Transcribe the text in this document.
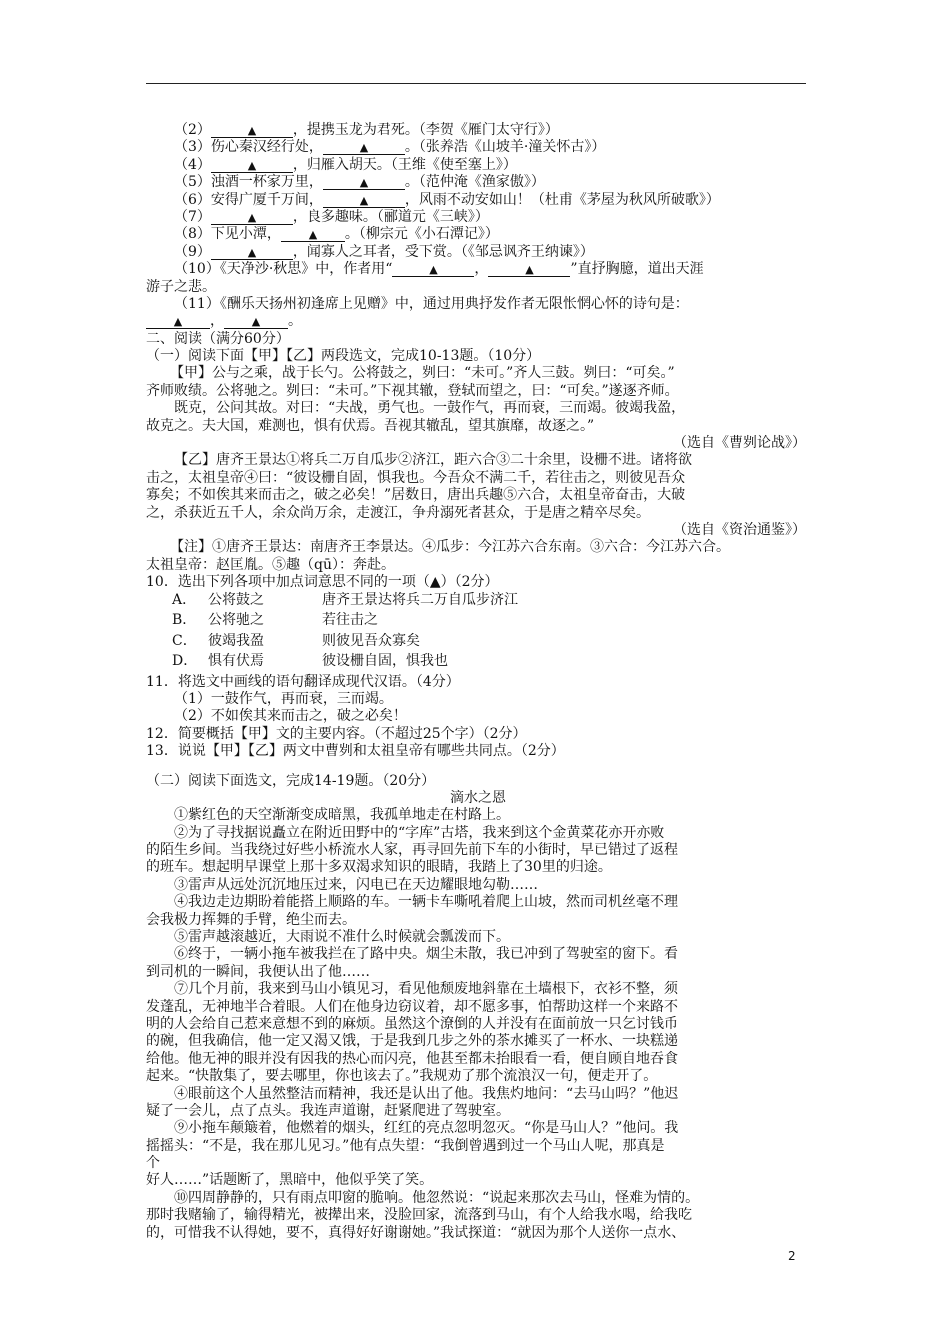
（2）	▲	，提携玉龙为君死。（李贺《雁门太守行》）
（3）伤心秦汉经行处，	▲	。（张养浩《山坡羊·潼关怀古》）
（4）	▲	，归雁入胡天。（王维《使至塞上》）
（5）浊酒一杯家万里，	▲	。（范仲淹《渔家傲》）
（6）安得广厦千万间，	▲	，风雨不动安如山！（杜甫《茅屋为秋风所破歌》）
（7）	▲	，良多趣味。（郦道元《三峡》）
（8）下见小潭，	▲ 。（柳宗元《小石潭记》）
（9）	▲	，闻寡人之耳者，受下赏。（《邹忌讽齐王纳谏》）
（10）《天净沙·秋思》中，作者用“	▲	，	▲	”直抒胸臆，道出天涯
游子之悲。
（11）《酬乐天扬州初逢席上见赠》中，通过用典抒发作者无限怅惘心怀的诗句是：
▲ ，	▲ 。
二、阅读（满分60分）
（一）阅读下面【甲】【乙】两段选文，完成10-13题。（10分）
【甲】公与之乘，战于长勺。公将鼓之，刿曰：“未可。”齐人三鼓。刿曰：“可矣。”
齐师败绩。公将驰之。刿曰：“未可。”下视其辙，登轼而望之，曰：“可矣。”遂逐齐师。
既克，公问其故。对曰：“夫战，勇气也。一鼓作气，再而衰，三而竭。彼竭我盈，
故克之。夫大国，难测也，惧有伏焉。吾视其辙乱，望其旗靡，故逐之。”
（选自《曹刿论战》）
【乙】唐齐王景达①将兵二万自瓜步②济江，距六合③二十余里，设栅不进。诸将欲
击之，太祖皇帝④曰：“彼设栅自固，惧我也。今吾众不满二千，若往击之，则彼见吾众
寡矣；不如俟其来而击之，破之必矣！”居数日，唐出兵趣⑤六合，太祖皇帝奋击，大破
之，杀获近五千人，余众尚万余，走渡江，争舟溺死者甚众，于是唐之精卒尽矣。
（选自《资治通鉴》）
【注】①唐齐王景达：南唐齐王李景达。④瓜步：今江苏六合东南。③六合：今江苏六合。
太祖皇帝：赵匡胤。⑤趣（qū）：奔赴。
10．选出下列各项中加点词意思不同的一项（▲）（2分）
A． 公将鼓之	唐齐王景达将兵二万自瓜步济江
B． 公将驰之	若往击之
C． 彼竭我盈	则彼见吾众寡矣
D． 惧有伏焉	彼设栅自固，惧我也
11．将选文中画线的语句翻译成现代汉语。（4分）
（1）一鼓作气，再而衰，三而竭。
（2）不如俟其来而击之，破之必矣！
12．简要概括【甲】文的主要内容。（不超过25个字）（2分）
13．说说【甲】【乙】两文中曹刿和太祖皇帝有哪些共同点。（2分）
（二）阅读下面选文，完成14-19题。（20分）
滴水之恩
①紫红色的天空渐渐变成暗黑，我孤单地走在村路上。
②为了寻找据说矗立在附近田野中的“字库”古塔，我来到这个金黄菜花亦开亦败
的陌生乡间。当我绕过好些小桥流水人家，再寻回先前下车的小街时，早已错过了返程
的班车。想起明早课堂上那十多双渴求知识的眼睛，我踏上了30里的归途。
③雷声从远处沉沉地压过来，闪电已在天边耀眼地勾勒……
④我边走边期盼着能搭上顺路的车。一辆卡车嘶吼着爬上山坡，然而司机丝毫不理
会我极力挥舞的手臂，绝尘而去。
⑤雷声越滚越近，大雨说不准什么时候就会瓢泼而下。
⑥终于，一辆小拖车被我拦在了路中央。烟尘未散，我已冲到了驾驶室的窗下。看
到司机的一瞬间，我便认出了他……
⑦几个月前，我来到马山小镇见习，看见他颓废地斜靠在土墙根下，衣衫不整，须
发蓬乱，无神地半合着眼。人们在他身边窃议着，却不愿多事，怕帮助这样一个来路不
明的人会给自己惹来意想不到的麻烦。虽然这个潦倒的人并没有在面前放一只乞讨钱币
的碗，但我确信，他一定又渴又饿，于是我到几步之外的茶水摊买了一杯水、一块糕递
给他。他无神的眼并没有因我的热心而闪亮，他甚至都未抬眼看一看，便自顾自地吞食
起来。“快散集了，要去哪里，你也该去了。”我规劝了那个流浪汉一句，便走开了。
④眼前这个人虽然整洁而精神，我还是认出了他。我焦灼地问：“去马山吗？”他迟
疑了一会儿，点了点头。我连声道谢，赶紧爬进了驾驶室。
⑨小拖车颠簸着，他燃着的烟头，红红的亮点忽明忽灭。“你是马山人？”他问。我
摇摇头：“不是，我在那儿见习。”他有点失望：“我倒曾遇到过一个马山人呢，那真是
个
好人……”话题断了，黑暗中，他似乎笑了笑。
⑩四周静静的，只有雨点叩窗的脆响。他忽然说：“说起来那次去马山，怪难为情的。
那时我赌输了，输得精光，被撵出来，没脸回家，流落到马山，有个人给我水喝，给我吃
的，可惜我不认得她，要不，真得好好谢谢她。”我试探道：“就因为那个人送你一点水、
2
